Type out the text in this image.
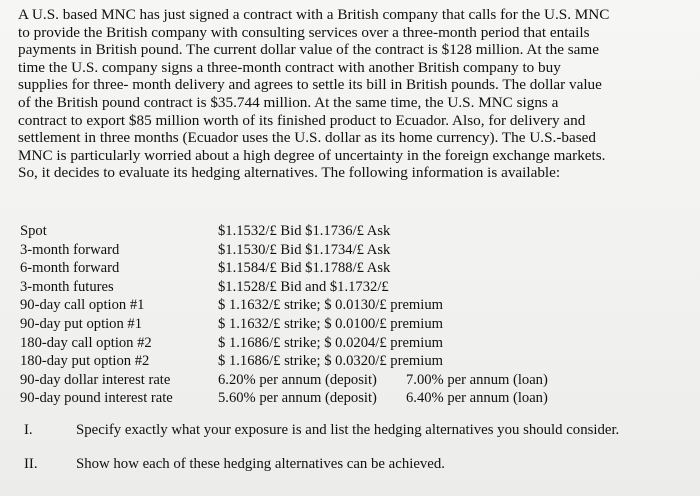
A U.S. based MNC has just signed a contract with a British company that calls for the U.S. MNC
to provide the British company with consulting services over a three-month period that entails
payments in British pound. The current dollar value of the contract is $128 million. At the same
time the U.S. company signs a three-month contract with another British company to buy
supplies for three- month delivery and agrees to settle its bill in British pounds. The dollar value
of the British pound contract is $35.744 million. At the same time, the U.S. MNC signs a
contract to export $85 million worth of its finished product to Ecuador. Also, for delivery and
settlement in three months (Ecuador uses the U.S. dollar as its home currency). The U.S.-based
MNC is particularly worried about a high degree of uncertainty in the foreign exchange markets.
So, it decides to evaluate its hedging alternatives. The following information is available:
Spot	$1.1532/£ Bid $1.1736/£ Ask
3-month forward	$1.1530/£ Bid $1.1734/£ Ask
6-month forward	$1.1584/£ Bid $1.1788/£ Ask
3-month futures	$1.1528/£ Bid and $1.1732/£
90-day call option #1	$ 1.1632/£ strike; $ 0.0130/£ premium
90-day put option #1	$ 1.1632/£ strike; $ 0.0100/£ premium
180-day call option #2	$ 1.1686/£ strike; $ 0.0204/£ premium
180-day put option #2	$ 1.1686/£ strike; $ 0.0320/£ premium
90-day dollar interest rate	6.20% per annum (deposit)	7.00% per annum (loan)
90-day pound interest rate	5.60% per annum (deposit)	6.40% per annum (loan)
I.	Specify exactly what your exposure is and list the hedging alternatives you should consider.
II.	Show how each of these hedging alternatives can be achieved.
